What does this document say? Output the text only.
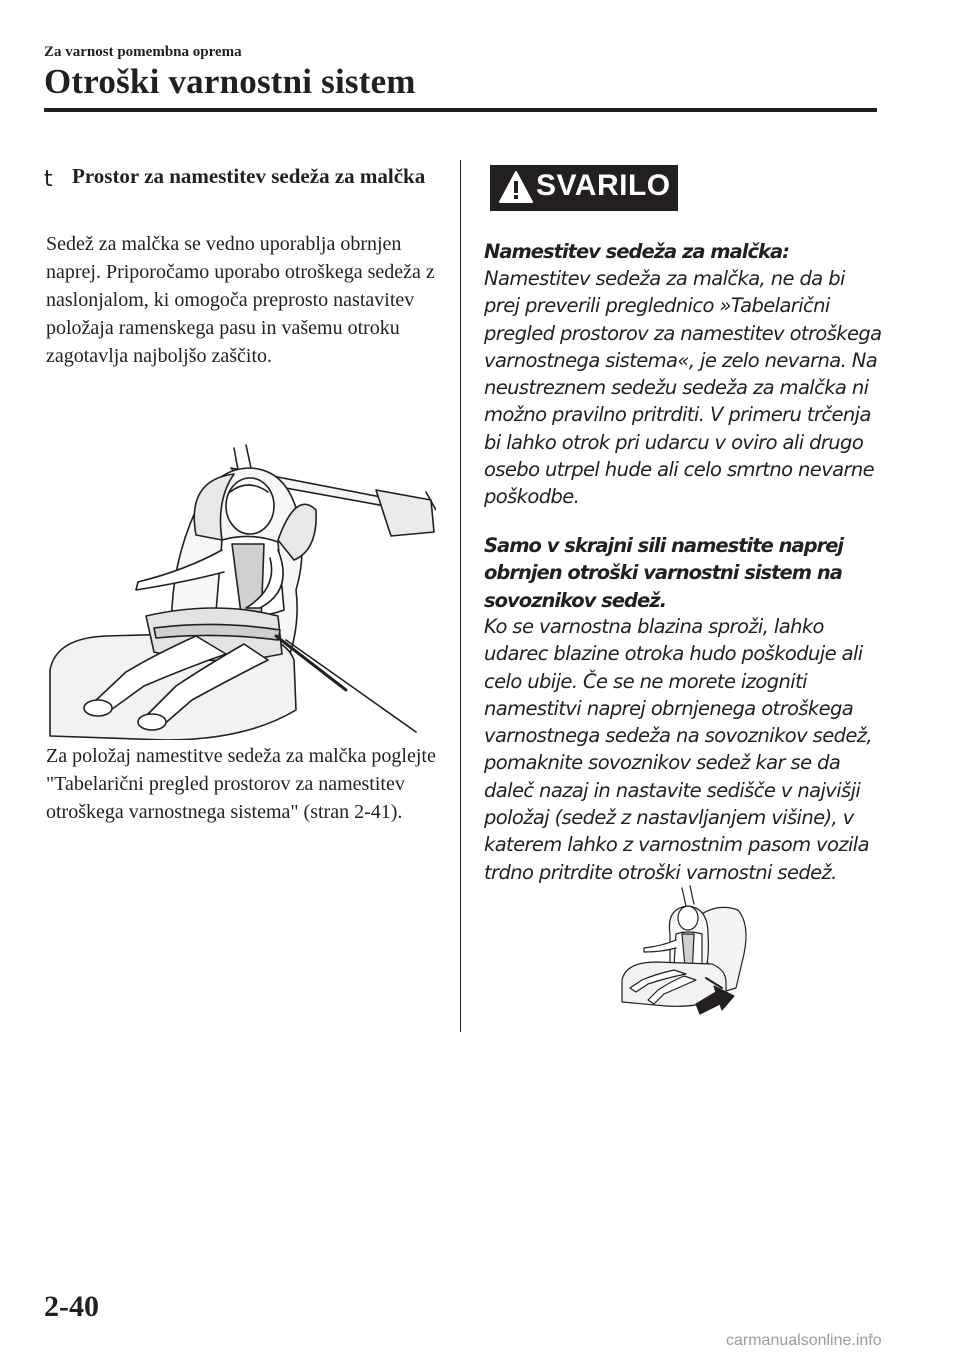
Za varnost pomembna oprema
Otroški varnostni sistem
t Prostor za namestitev sedeža za malčka
Sedež za malčka se vedno uporablja obrnjen naprej. Priporočamo uporabo otroškega sedeža z naslonjalom, ki omogoča preprosto nastavitev položaja ramenskega pasu in vašemu otroku zagotavlja najboljšo zaščito.
Za položaj namestitve sedeža za malčka poglejte "Tabelarični pregled prostorov za namestitev otroškega varnostnega sistema" (stran 2-41).
SVARILO
Namestitev sedeža za malčka:
Namestitev sedeža za malčka, ne da bi prej preverili preglednico »Tabelarični pregled prostorov za namestitev otroškega varnostnega sistema«, je zelo nevarna. Na neustreznem sedežu sedeža za malčka ni možno pravilno pritrditi. V primeru trčenja bi lahko otrok pri udarcu v oviro ali drugo osebo utrpel hude ali celo smrtno nevarne poškodbe.
Samo v skrajni sili namestite naprej obrnjen otroški varnostni sistem na sovoznikov sedež.
Ko se varnostna blazina sproži, lahko udarec blazine otroka hudo poškoduje ali celo ubije. Če se ne morete izogniti namestitvi naprej obrnjenega otroškega varnostnega sedeža na sovoznikov sedež, pomaknite sovoznikov sedež kar se da daleč nazaj in nastavite sedišče v najvišji položaj (sedež z nastavljanjem višine), v katerem lahko z varnostnim pasom vozila trdno pritrdite otroški varnostni sedež.
2-40
carmanualsonline.info
